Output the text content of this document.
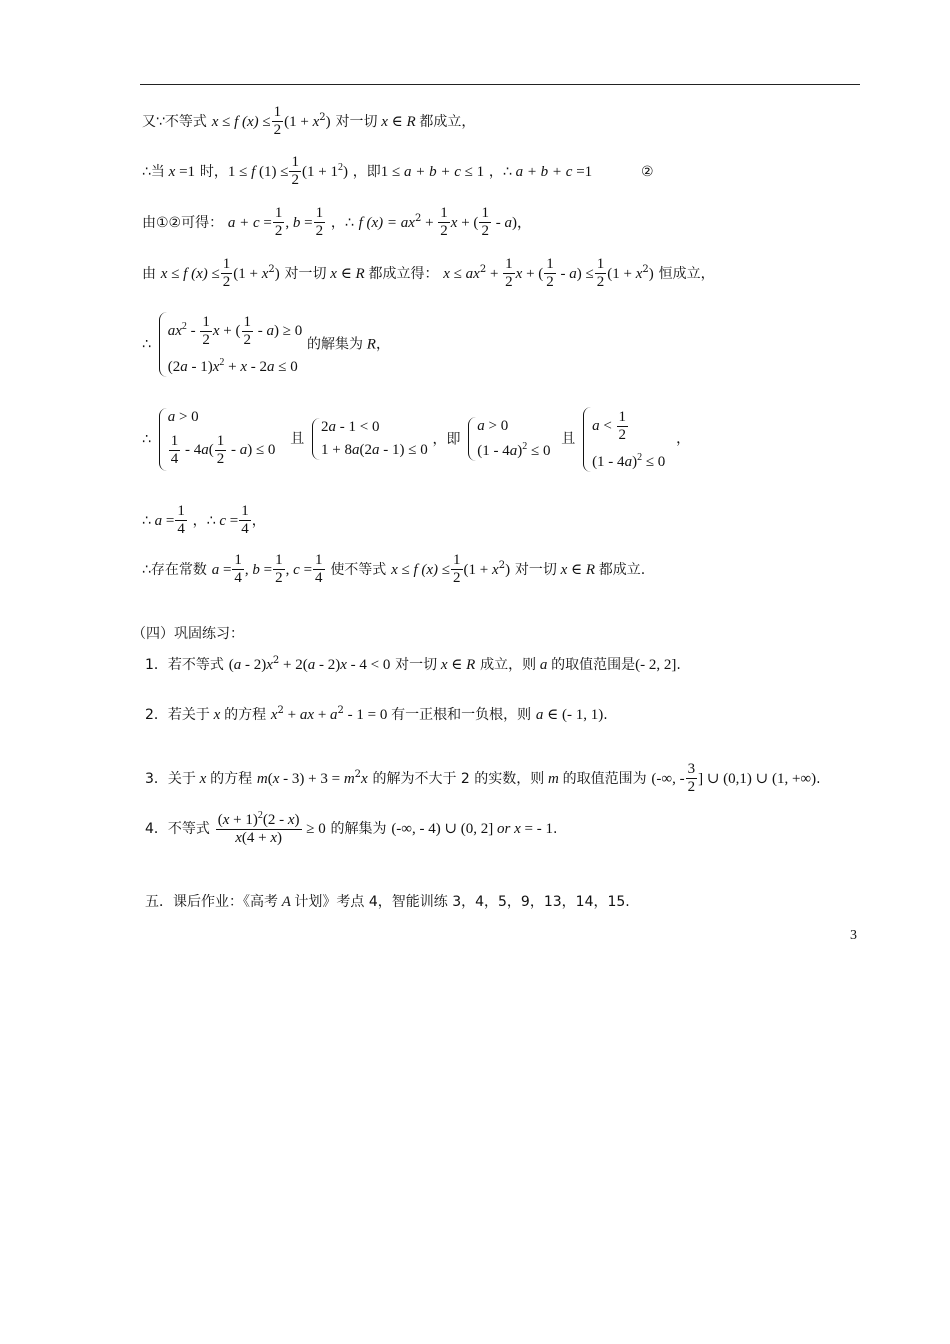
又∵不等式 x ≤ f $(x) \le \frac{1}{2} (1 + x^2)$ 对一切 x ∈ R 都成立，
∴当 x =1 时，1 ≤ f $(1) \le \frac{1}{2} (1 + 1^2)$ ，即1 ≤ a + b + c ≤ 1 ，∴ a + b + c =1	②
由①②可得： $a + c = \frac{1}{2}$ , $b = \frac{1}{2}$ ，∴ f $(x) = ax^2 + \frac{1}{2}$ x + ( $\frac{1}{2} - a$)，
由 x ≤ f $(x) \le \frac{1}{2} (1 + x^2)$ 对一切 x ∈ R 都成立得： $x \le ax^2 + \frac{1}{2}$ x + ( $\frac{1}{2} - a) \le \frac{1}{2} (1 + x^2)$ 恒成立，
∴
$ax^2 - \frac{1}{2}$ x + ( $\frac{1}{2} - a) \ge 0$
$(2a - 1)x^2 + x - 2a \le 0$
的解集为 R，
∴
a > 0
$\frac{1}{4} - 4a( \frac{1}{2} - a) \le 0$
且
2a - 1 < 0
1 + 8a(2a - 1) ≤ 0
，即
a > 0
(1 - 4a)$^2$ ≤ 0
且
$a < \frac{1}{2}$
(1 - 4a)$^2$ ≤ 0
，
∴ $a = \frac{1}{4}$ ，∴ $c = \frac{1}{4}$ ，
∴存在常数 $a = \frac{1}{4}$ , $b = \frac{1}{2}$ , $c = \frac{1}{4}$ 使不等式 x ≤ f $(x) \le \frac{1}{2} (1 + x^2)$ 对一切 x ∈ R 都成立.
（四）巩固练习：
1．若不等式 $(a - 2)x^2 + 2(a - 2)x - 4 < 0$ 对一切 x ∈ R 成立，则 a 的取值范围是(- 2, 2].
2．若关于 x 的方程 $x^2$ + ax + $a^2 - 1 = 0$ 有一正根和一负根，则 a ∈ (- 1, 1).
3．关于 x 的方程 $m(x - 3) + 3 = m^2x$ 的解为不大于 2 的实数，则 m 的取值范围为 (-∞, - $\frac{3}{2}$ ] ∪ (0,1) ∪ (1, +∞).
4．不等式 $\frac{(x + 1)^2(2 - x)}{x(4 + x)} \ge 0$ 的解集为 (-∞, - 4) ∪ (0, 2] or x = - 1.
五．课后作业：《高考 A 计划》考点 4，智能训练 3，4，5，9，13，14，15.
3
